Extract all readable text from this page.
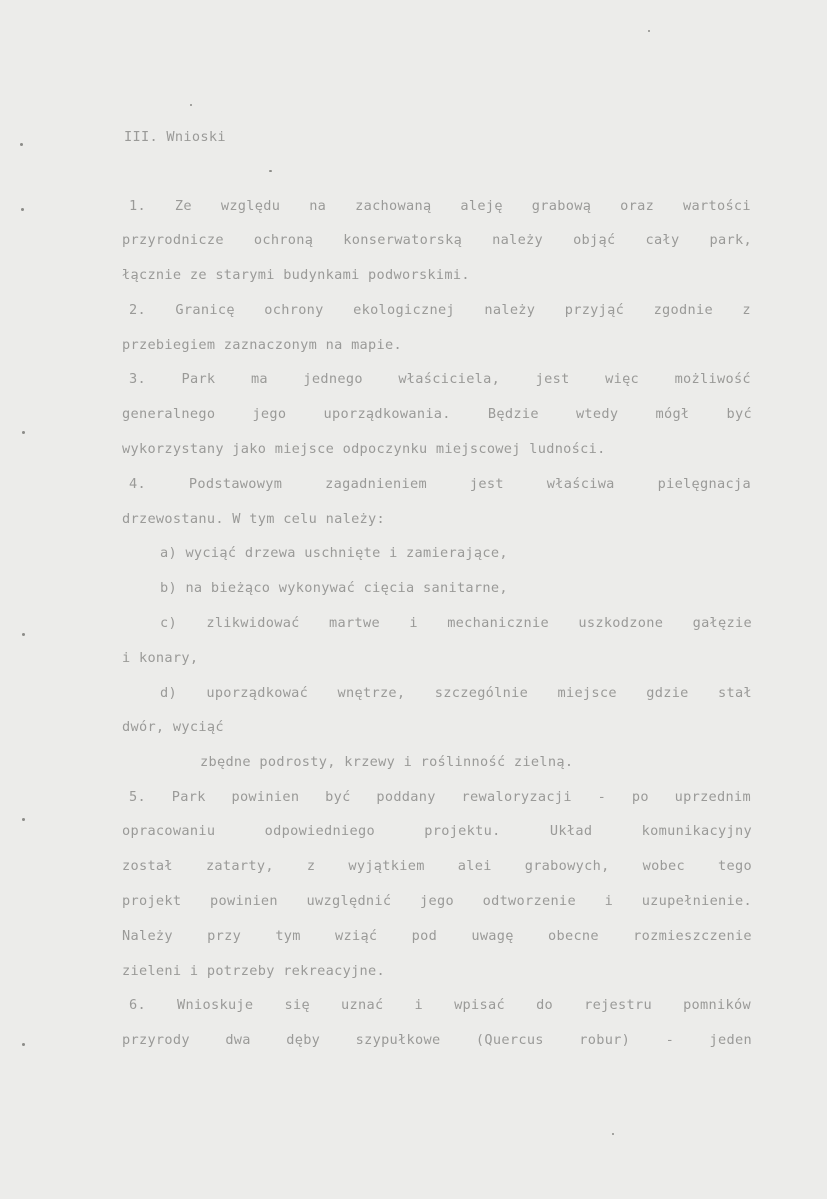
III. Wnioski
1. Ze względu na zachowaną aleję grabową oraz wartości
przyrodnicze ochroną konserwatorską należy objąć cały park,
łącznie ze starymi budynkami podworskimi.
2. Granicę ochrony ekologicznej należy przyjąć zgodnie z
przebiegiem zaznaczonym na mapie.
3.	Park	ma	jednego	właściciela,	jest	więc	możliwość
generalnego	jego	uporządkowania.	Będzie	wtedy	mógł	być
wykorzystany jako miejsce odpoczynku miejscowej ludności.
4.	Podstawowym	zagadnieniem	jest	właściwa	pielęgnacja
drzewostanu. W tym celu należy:
a) wyciąć drzewa uschnięte i zamierające,
b) na bieżąco wykonywać cięcia sanitarne,
c) zlikwidować martwe i mechanicznie uszkodzone gałęzie
i konary,
d) uporządkować wnętrze, szczególnie miejsce gdzie stał
dwór, wyciąć
zbędne podrosty, krzewy i roślinność zielną.
5. Park powinien być poddany rewaloryzacji - po uprzednim
opracowaniu	odpowiedniego	projektu.	Układ	komunikacyjny
został zatarty, z wyjątkiem alei grabowych, wobec tego
projekt powinien uwzględnić jego odtworzenie i uzupełnienie.
Należy	przy	tym	wziąć	pod	uwagę	obecne	rozmieszczenie
zieleni i potrzeby rekreacyjne.
6. Wnioskuje się uznać i wpisać do rejestru pomników
przyrody	dwa	dęby	szypułkowe	(Quercus	robur)	-	jeden
